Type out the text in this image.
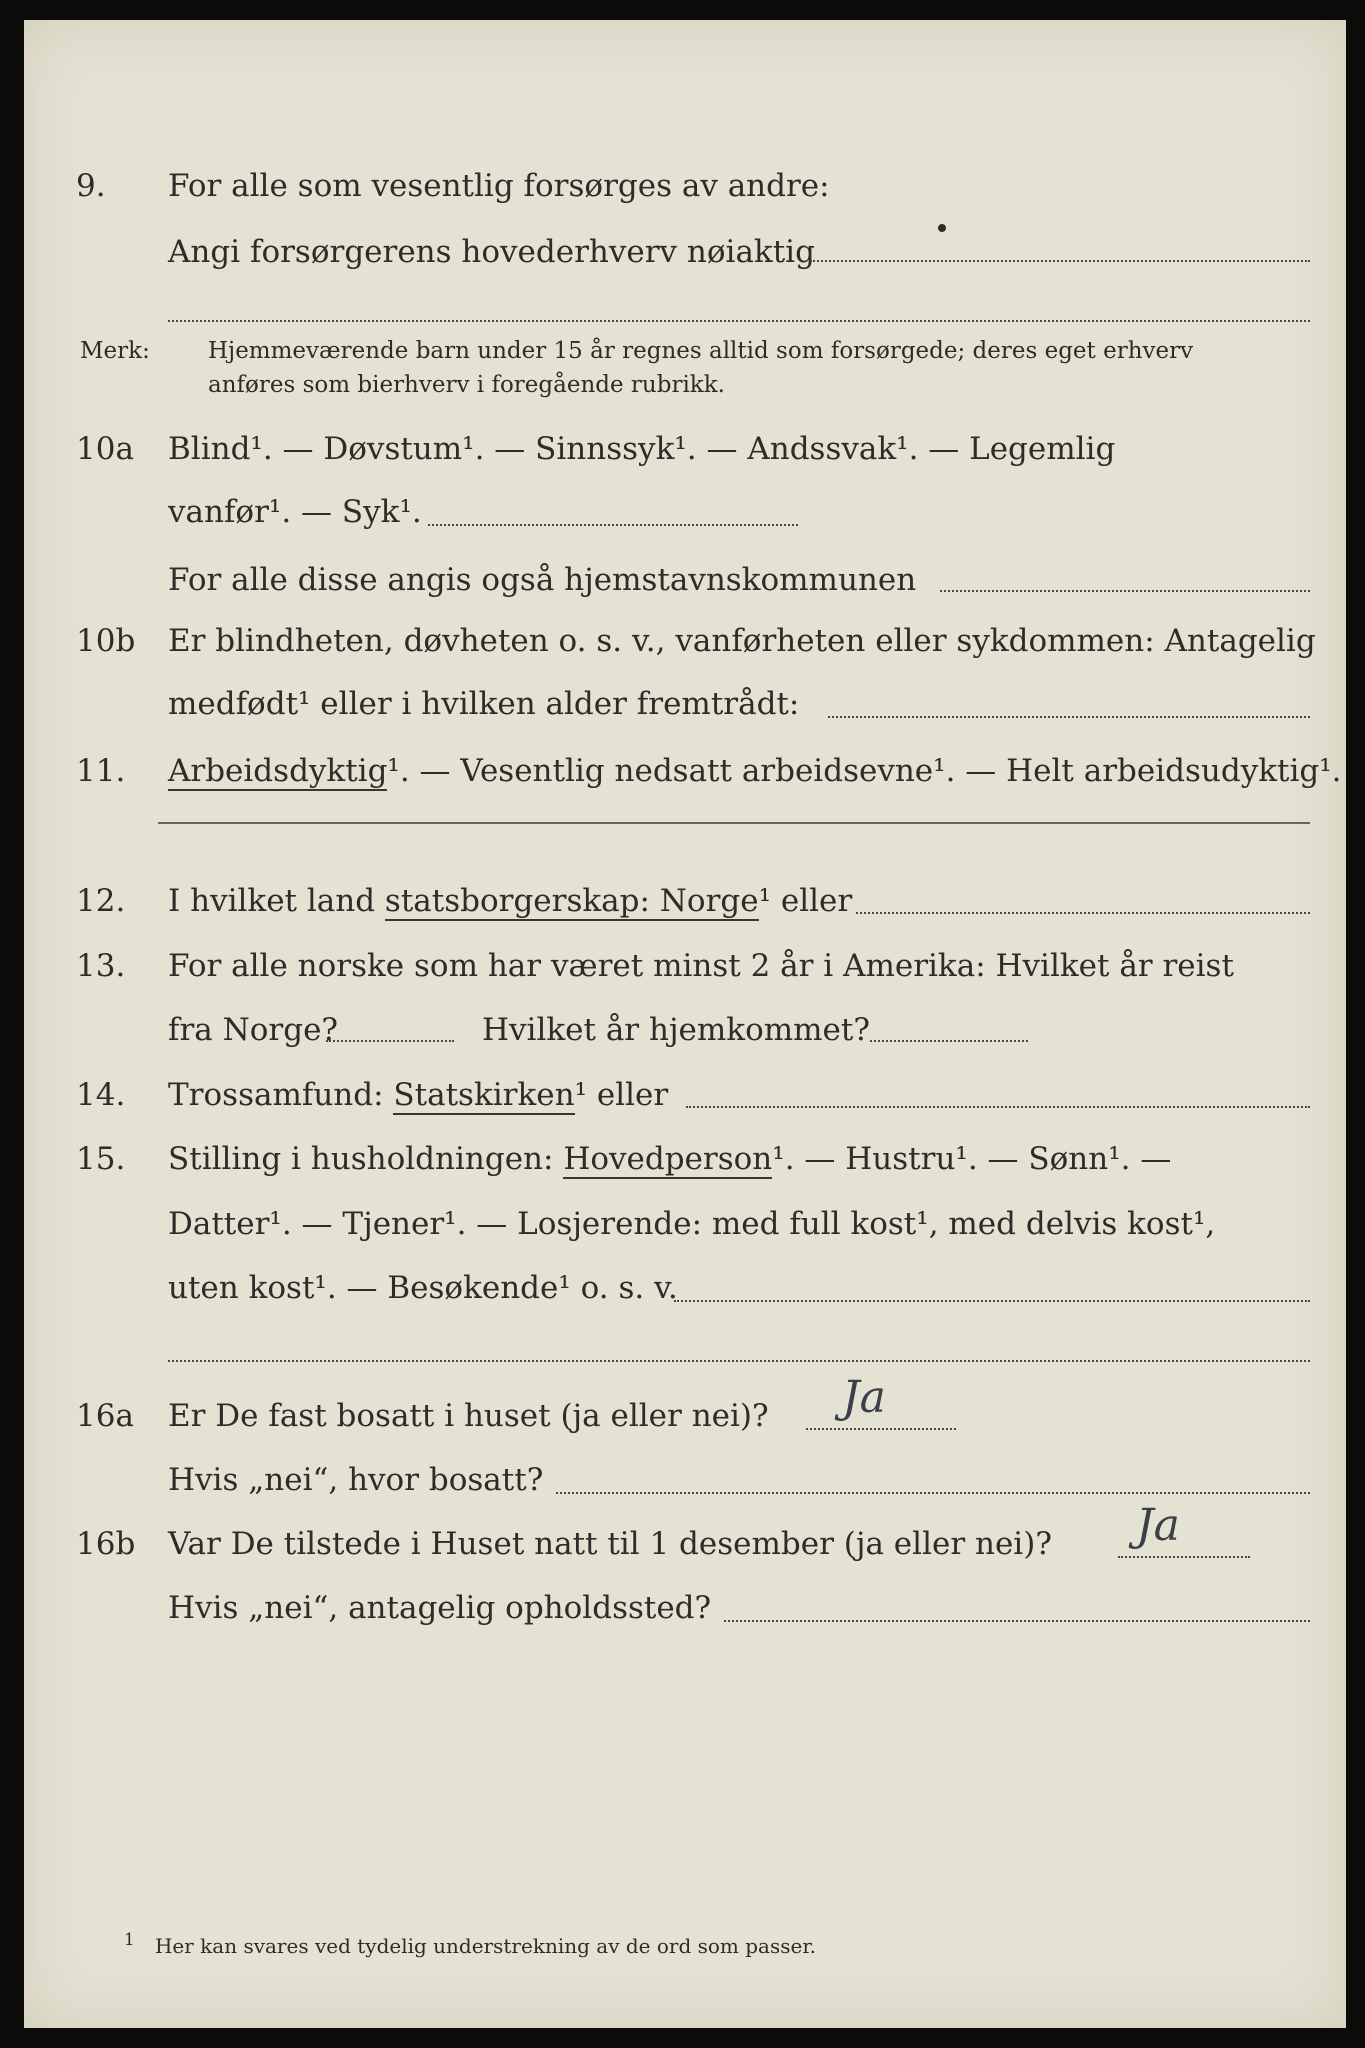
9. For alle som vesentlig forsørges av andre:
Angi forsørgerens hovederhverv nøiaktig
Merk:	Hjemmeværende barn under 15 år regnes alltid som forsørgede; deres eget erhverv
anføres som bierhverv i foregående rubrikk.
10a Blind¹. — Døvstum¹. — Sinnssyk¹. — Andssvak¹. — Legemlig
vanfør¹. — Syk¹.
For alle disse angis også hjemstavnskommunen
10b Er blindheten, døvheten o. s. v., vanførheten eller sykdommen: Antagelig
medfødt¹ eller i hvilken alder fremtrådt:
11. Arbeidsdyktig¹. — Vesentlig nedsatt arbeidsevne¹. — Helt arbeidsudyktig¹.
12. I hvilket land statsborgerskap: Norge¹ eller
13. For alle norske som har været minst 2 år i Amerika: Hvilket år reist
fra Norge?	Hvilket år hjemkommet?
14. Trossamfund: Statskirken¹ eller
15. Stilling i husholdningen: Hovedperson¹. — Hustru¹. — Sønn¹. —
Datter¹. — Tjener¹. — Losjerende: med full kost¹, med delvis kost¹,
uten kost¹. — Besøkende¹ o. s. v.
16a Er De fast bosatt i huset (ja eller nei)? Ja
Hvis „nei“, hvor bosatt?
16b Var De tilstede i Huset natt til 1 desember (ja eller nei)? Ja
Hvis „nei“, antagelig opholdssted?
$^1$ Her kan svares ved tydelig understrekning av de ord som passer.
